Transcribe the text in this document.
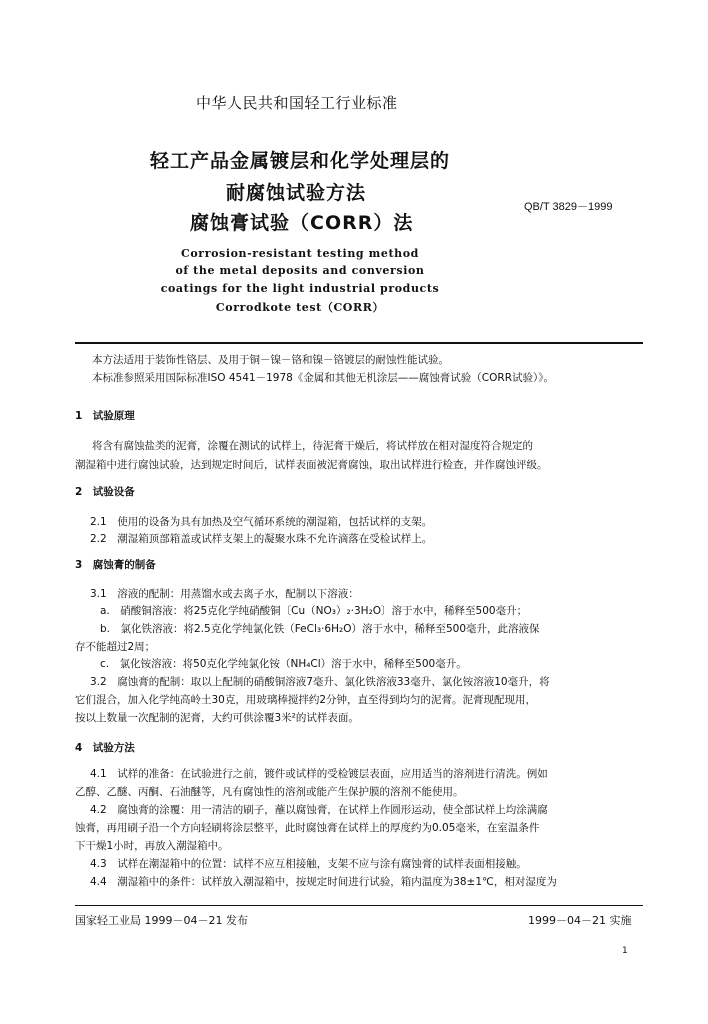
中华人民共和国轻工行业标准
轻工产品金属镀层和化学处理层的
耐腐蚀试验方法
腐蚀膏试验（CORR）法
QB/T 3829－1999
Corrosion-resistant testing method
of the metal deposits and conversion
coatings for the light industrial products
Corrodkote test（CORR）
本方法适用于装饰性铬层、及用于铜－镍－铬和镍－铬镀层的耐蚀性能试验。
本标准参照采用国际标准ISO 4541－1978《金属和其他无机涂层——腐蚀膏试验（CORR试验）》。
1　试验原理
将含有腐蚀盐类的泥膏，涂覆在测试的试样上，待泥膏干燥后，将试样放在相对湿度符合规定的
潮湿箱中进行腐蚀试验，达到规定时间后，试样表面被泥膏腐蚀，取出试样进行检查，并作腐蚀评级。
2　试验设备
2.1　使用的设备为具有加热及空气循环系统的潮湿箱，包括试样的支架。
2.2　潮湿箱顶部箱盖或试样支架上的凝聚水珠不允许滴落在受检试样上。
3　腐蚀膏的制备
3.1　溶液的配制：用蒸馏水或去离子水，配制以下溶液：
a.　硝酸铜溶液：将25克化学纯硝酸铜〔Cu（NO₃）₂·3H₂O〕溶于水中，稀释至500毫升；
b.　氯化铁溶液：将2.5克化学纯氯化铁（FeCl₃·6H₂O）溶于水中，稀释至500毫升，此溶液保
存不能超过2周；
c.　氯化铵溶液：将50克化学纯氯化铵（NH₄Cl）溶于水中，稀释至500毫升。
3.2　腐蚀膏的配制：取以上配制的硝酸铜溶液7毫升、氯化铁溶液33毫升、氯化铵溶液10毫升，将
它们混合，加入化学纯高岭土30克，用玻璃棒搅拌约2分钟，直至得到均匀的泥膏。泥膏现配现用，
按以上数量一次配制的泥膏，大约可供涂覆3米²的试样表面。
4　试验方法
4.1　试样的准备：在试验进行之前，镀件或试样的受检镀层表面，应用适当的溶剂进行清洗。例如
乙醇、乙醚、丙酮、石油醚等，凡有腐蚀性的溶剂或能产生保护膜的溶剂不能使用。
4.2　腐蚀膏的涂覆：用一清洁的刷子，蘸以腐蚀膏，在试样上作圆形运动，使全部试样上均涂满腐
蚀膏，再用刷子沿一个方向轻刷将涂层整平，此时腐蚀膏在试样上的厚度约为0.05毫米，在室温条件
下干燥1小时，再放入潮湿箱中。
4.3　试样在潮湿箱中的位置：试样不应互相接触，支架不应与涂有腐蚀膏的试样表面相接触。
4.4　潮湿箱中的条件：试样放入潮湿箱中，按规定时间进行试验，箱内温度为38±1℃，相对湿度为
国家轻工业局 1999－04－21 发布	1999－04－21 实施
1
